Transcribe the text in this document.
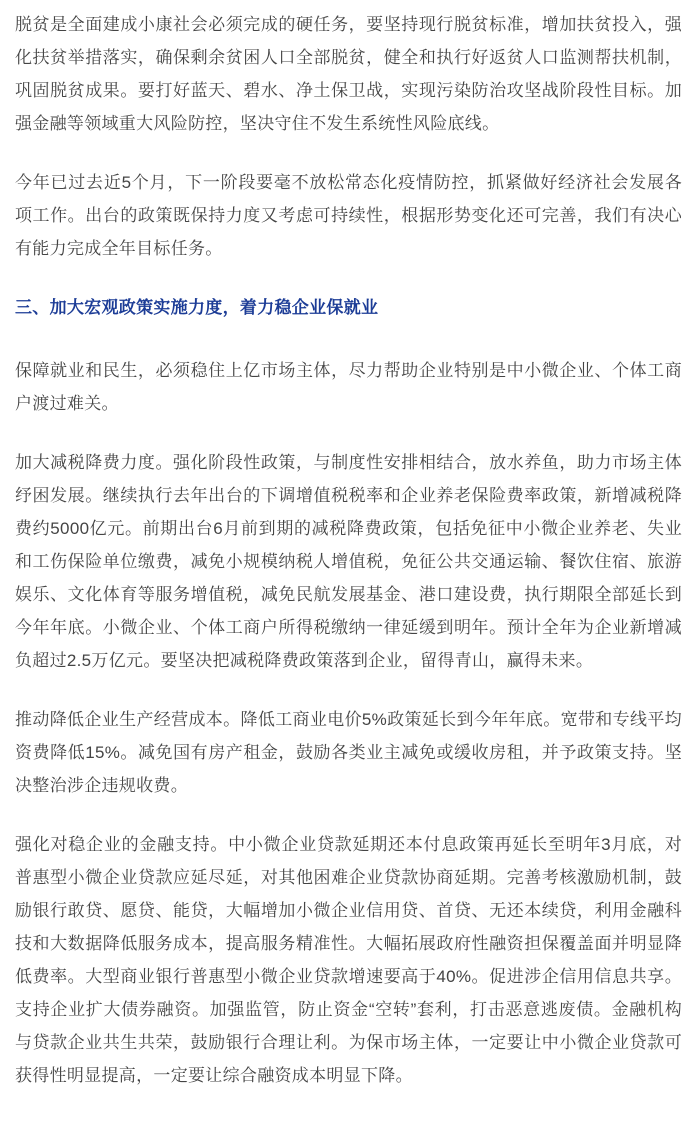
脱贫是全面建成小康社会必须完成的硬任务，要坚持现行脱贫标准，增加扶贫投入，强化扶贫举措落实，确保剩余贫困人口全部脱贫，健全和执行好返贫人口监测帮扶机制，巩固脱贫成果。要打好蓝天、碧水、净土保卫战，实现污染防治攻坚战阶段性目标。加强金融等领域重大风险防控，坚决守住不发生系统性风险底线。

今年已过去近5个月，下一阶段要毫不放松常态化疫情防控，抓紧做好经济社会发展各项工作。出台的政策既保持力度又考虑可持续性，根据形势变化还可完善，我们有决心有能力完成全年目标任务。

三、加大宏观政策实施力度，着力稳企业保就业

保障就业和民生，必须稳住上亿市场主体，尽力帮助企业特别是中小微企业、个体工商户渡过难关。

加大减税降费力度。强化阶段性政策，与制度性安排相结合，放水养鱼，助力市场主体纾困发展。继续执行去年出台的下调增值税税率和企业养老保险费率政策，新增减税降费约5000亿元。前期出台6月前到期的减税降费政策，包括免征中小微企业养老、失业和工伤保险单位缴费，减免小规模纳税人增值税，免征公共交通运输、餐饮住宿、旅游娱乐、文化体育等服务增值税，减免民航发展基金、港口建设费，执行期限全部延长到今年年底。小微企业、个体工商户所得税缴纳一律延缓到明年。预计全年为企业新增减负超过2.5万亿元。要坚决把减税降费政策落到企业，留得青山，赢得未来。

推动降低企业生产经营成本。降低工商业电价5%政策延长到今年年底。宽带和专线平均资费降低15%。减免国有房产租金，鼓励各类业主减免或缓收房租，并予政策支持。坚决整治涉企违规收费。

强化对稳企业的金融支持。中小微企业贷款延期还本付息政策再延长至明年3月底，对普惠型小微企业贷款应延尽延，对其他困难企业贷款协商延期。完善考核激励机制，鼓励银行敢贷、愿贷、能贷，大幅增加小微企业信用贷、首贷、无还本续贷，利用金融科技和大数据降低服务成本，提高服务精准性。大幅拓展政府性融资担保覆盖面并明显降低费率。大型商业银行普惠型小微企业贷款增速要高于40%。促进涉企信用信息共享。支持企业扩大债券融资。加强监管，防止资金“空转”套利，打击恶意逃废债。金融机构与贷款企业共生共荣，鼓励银行合理让利。为保市场主体，一定要让中小微企业贷款可获得性明显提高，一定要让综合融资成本明显下降。
